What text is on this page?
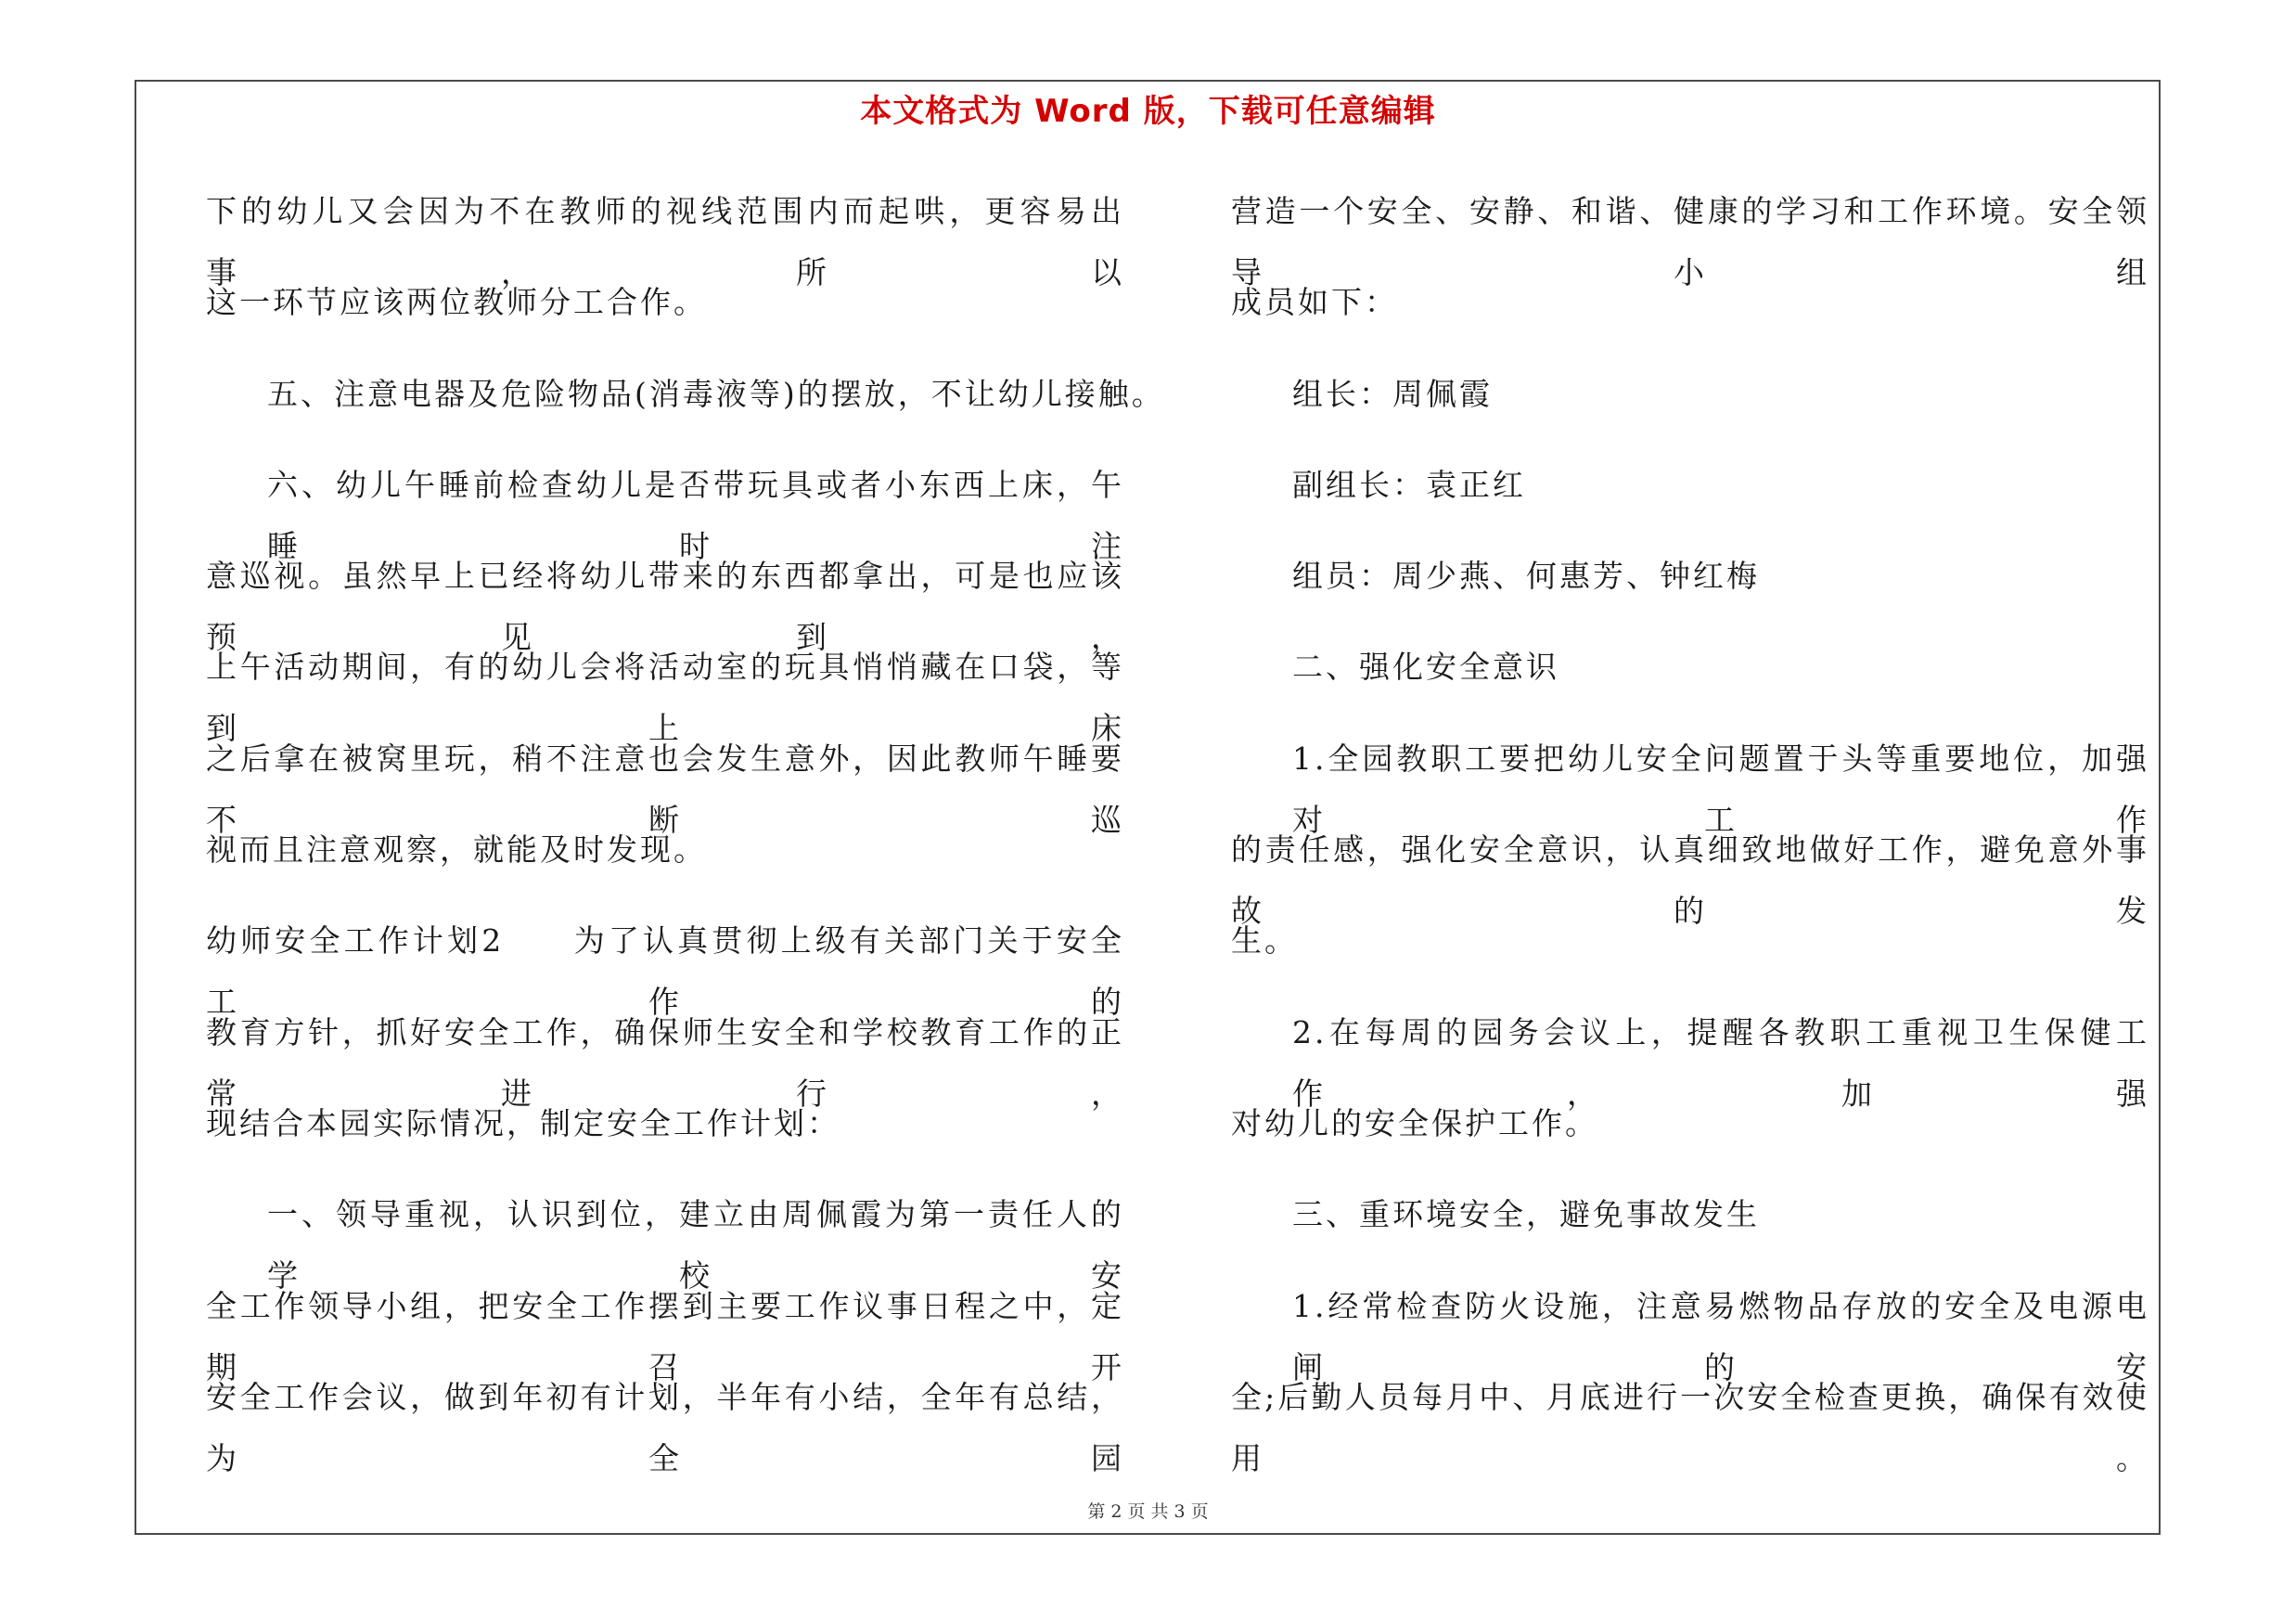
本文格式为 Word 版，下载可任意编辑
下的幼儿又会因为不在教师的视线范围内而起哄，更容易出事，所以
这一环节应该两位教师分工合作。
五、注意电器及危险物品(消毒液等)的摆放，不让幼儿接触。
六、幼儿午睡前检查幼儿是否带玩具或者小东西上床，午睡时注
意巡视。虽然早上已经将幼儿带来的东西都拿出，可是也应该预见到，
上午活动期间，有的幼儿会将活动室的玩具悄悄藏在口袋，等到上床
之后拿在被窝里玩，稍不注意也会发生意外，因此教师午睡要不断巡
视而且注意观察，就能及时发现。
幼师安全工作计划2　　为了认真贯彻上级有关部门关于安全工作的
教育方针，抓好安全工作，确保师生安全和学校教育工作的正常进行，
现结合本园实际情况，制定安全工作计划：
一、领导重视，认识到位，建立由周佩霞为第一责任人的学校安
全工作领导小组，把安全工作摆到主要工作议事日程之中，定期召开
安全工作会议，做到年初有计划，半年有小结，全年有总结，为全园
营造一个安全、安静、和谐、健康的学习和工作环境。安全领导小组
成员如下：
组长：周佩霞
副组长：袁正红
组员：周少燕、何惠芳、钟红梅
二、强化安全意识
1.全园教职工要把幼儿安全问题置于头等重要地位，加强对工作
的责任感，强化安全意识，认真细致地做好工作，避免意外事故的发
生。
2.在每周的园务会议上，提醒各教职工重视卫生保健工作，加强
对幼儿的安全保护工作。
三、重环境安全，避免事故发生
1.经常检查防火设施，注意易燃物品存放的安全及电源电闸的安
全;后勤人员每月中、月底进行一次安全检查更换，确保有效使用。
第 2 页 共 3 页
